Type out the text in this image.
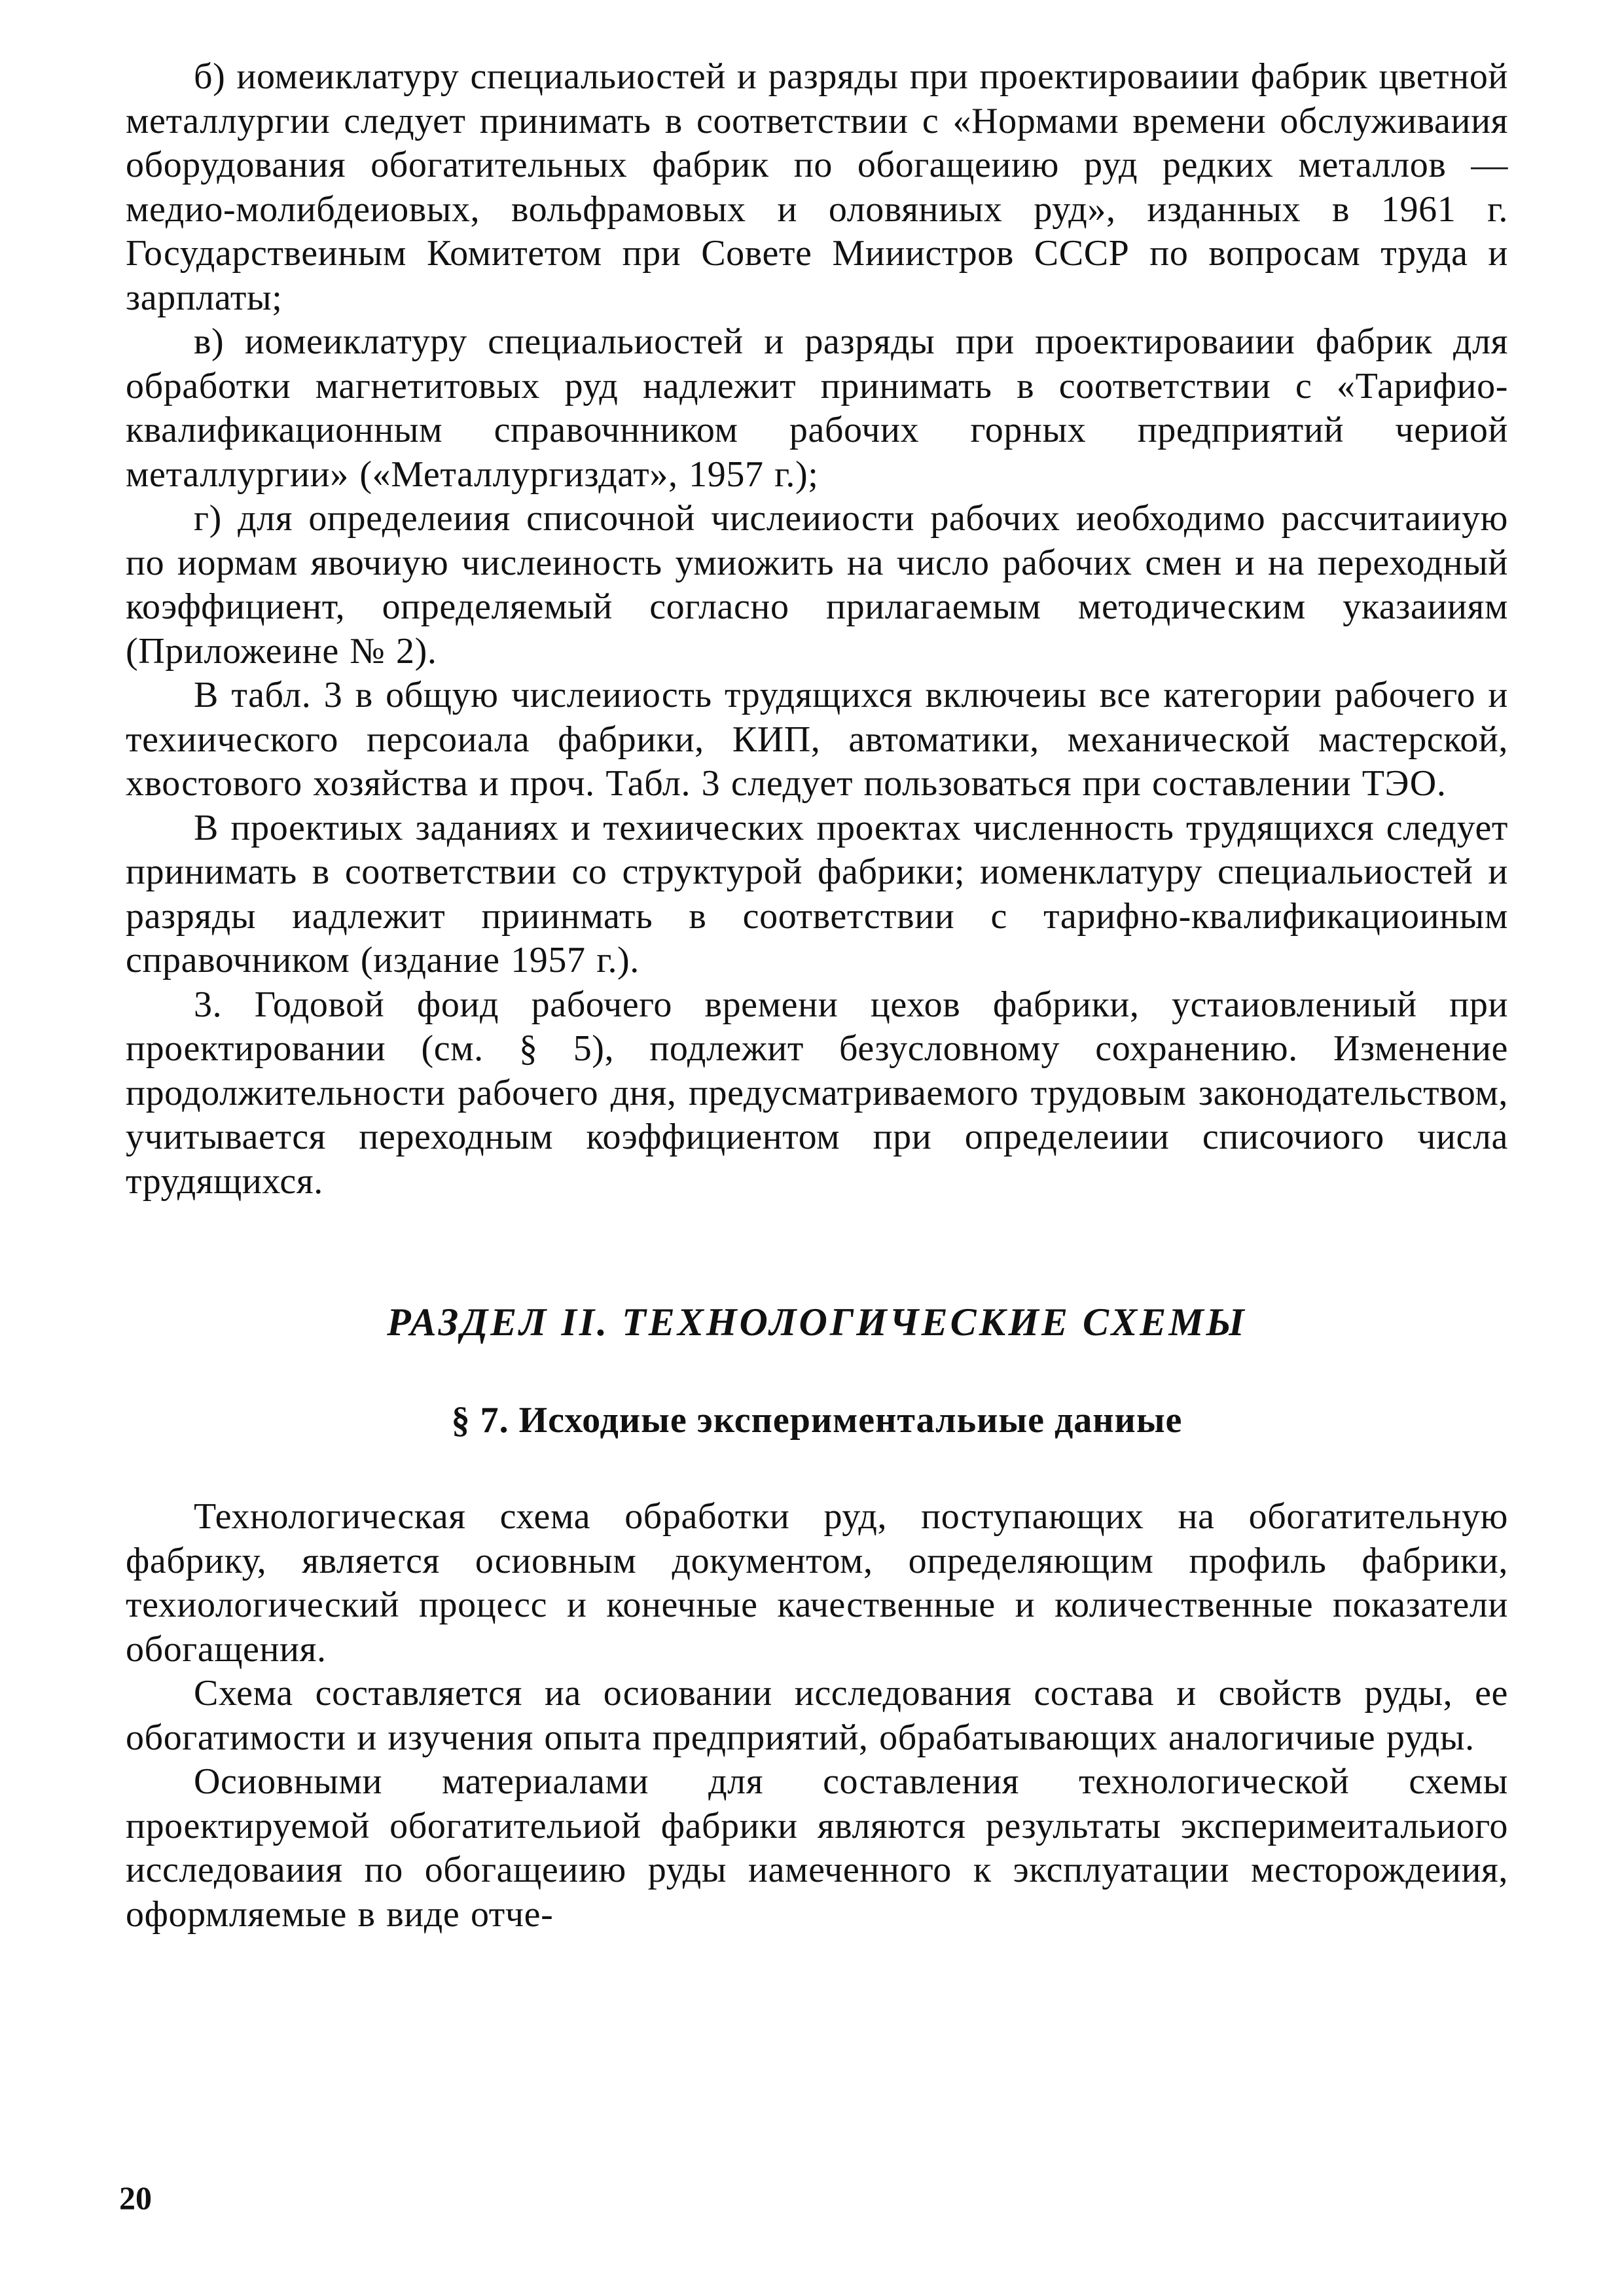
б) иомеиклатуру специальиостей и разряды при проектироваиии фабрик цветной металлургии следует принимать в соответствии с «Нормами времени обслуживаиия оборудования обогатительных фабрик по обогащеиию руд редких металлов — медио-молибдеиовых, вольфрамовых и оловяниых руд», изданных в 1961 г. Государствеиным Комитетом при Совете Мииистров СССР по вопросам труда и зарплаты;

в) иомеиклатуру специальиостей и разряды при проектироваиии фабрик для обработки магнетитовых руд надлежит принимать в соответствии с «Тарифио-квалификационным справочнником рабочих горных предприятий чериой металлургии» («Металлургиздат», 1957 г.);

г) для определеиия списочной числеииости рабочих иеобходимо рассчитаииую по иормам явочиую числеиность умиожить на число рабочих смен и на переходный коэффициент, определяемый согласно прилагаемым методическим указаииям (Приложеине № 2).

В табл. 3 в общую числеииость трудящихся включеиы все категории рабочего и техиического персоиала фабрики, КИП, автоматики, механической мастерской, хвостового хозяйства и проч. Табл. 3 следует пользоваться при составлении ТЭО.

В проектиых заданиях и техиических проектах численность трудящихся следует принимать в соответствии со структурой фабрики; иоменклатуру специальиостей и разряды иадлежит приинмать в соответствии с тарифно-квалификациоиным справочником (издание 1957 г.).

3. Годовой фоид рабочего времени цехов фабрики, устаиовлениый при проектировании (см. § 5), подлежит безусловному сохранению. Изменение продолжительности рабочего дня, предусматриваемого трудовым законодательством, учитывается переходным коэффициентом при определеиии списочиого числа трудящихся.

РАЗДЕЛ II. ТЕХНОЛОГИЧЕСКИЕ СХЕМЫ
§ 7. Исходиые экспериментальиые даниые

Технологическая схема обработки руд, поступающих на обогатительную фабрику, является осиовным документом, определяющим профиль фабрики, техиологический процесс и конечные качественные и количественные показатели обогащения.

Схема составляется иа осиовании исследования состава и свойств руды, ее обогатимости и изучения опыта предприятий, обрабатывающих аналогичиые руды.

Осиовными материалами для составления технологической схемы проектируемой обогатительиой фабрики являются результаты эксперимеитальиого исследоваиия по обогащеиию руды иамеченного к эксплуатации месторождеиия, оформляемые в виде отче-

20
